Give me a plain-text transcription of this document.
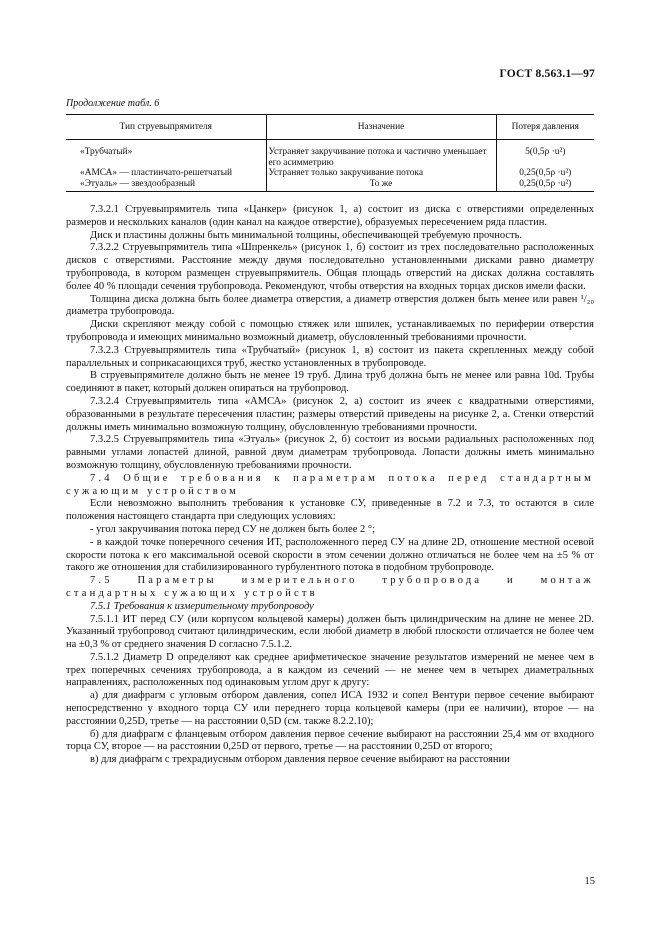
ГОСТ 8.563.1—97
Продолжение табл. 6
Тип струевыпрямителя	Назначение	Потеря давления
«Трубчатый»	Устраняет закручивание потока и частично уменьшает его асимметрию	5(0,5ρ ·u²)
«АМСА» — пластинчато-решетчатый	Устраняет только закручивание потока	0,25(0,5ρ ·u²)
«Этуаль» — звездообразный	То же	0,25(0,5ρ ·u²)

7.3.2.1 Струевыпрямитель типа «Цанкер» (рисунок 1, а) состоит из диска с отверстиями определенных размеров и нескольких каналов (один канал на каждое отверстие), образуемых пересечением ряда пластин.

Диск и пластины должны быть минимальной толщины, обеспечивающей требуемую прочность.

7.3.2.2 Струевыпрямитель типа «Шпренкель» (рисунок 1, б) состоит из трех последовательно расположенных дисков с отверстиями. Расстояние между двумя последовательно установленными дисками равно диаметру трубопровода, в котором размещен струевыпрямитель. Общая площадь отверстий на дисках должна составлять более 40 % площади сечения трубопровода. Рекомендуют, чтобы отверстия на входных торцах дисков имели фаски.

Толщина диска должна быть более диаметра отверстия, а диаметр отверстия должен быть менее или равен ¹/₂₀ диаметра трубопровода.

Диски скрепляют между собой с помощью стяжек или шпилек, устанавливаемых по периферии отверстия трубопровода и имеющих минимально возможный диаметр, обусловленный требованиями прочности.

7.3.2.3 Струевыпрямитель типа «Трубчатый» (рисунок 1, в) состоит из пакета скрепленных между собой параллельных и соприкасающихся труб, жестко установленных в трубопроводе.

В струевыпрямителе должно быть не менее 19 труб. Длина труб должна быть не менее или равна 10d. Трубы соединяют в пакет, который должен опираться на трубопровод.

7.3.2.4 Струевыпрямитель типа «АМСА» (рисунок 2, а) состоит из ячеек с квадратными отверстиями, образованными в результате пересечения пластин; размеры отверстий приведены на рисунке 2, а. Стенки отверстий должны иметь минимально возможную толщину, обусловленную требованиями прочности.

7.3.2.5 Струевыпрямитель типа «Этуаль» (рисунок 2, б) состоит из восьми радиальных расположенных под равными углами лопастей длиной, равной двум диаметрам трубопровода. Лопасти должны иметь минимально возможную толщину, обусловленную требованиями прочности.

7.4 Общие требования к параметрам потока перед стандартным сужающим устройством

Если невозможно выполнить требования к установке СУ, приведенные в 7.2 и 7.3, то остаются в силе положения настоящего стандарта при следующих условиях:

- угол закручивания потока перед СУ не должен быть более 2 °;

- в каждой точке поперечного сечения ИТ, расположенного перед СУ на длине 2D, отношение местной осевой скорости потока к его максимальной осевой скорости в этом сечении должно отличаться не более чем на ±5 % от такого же отношения для стабилизированного турбулентного потока в подобном трубопроводе.

7.5 Параметры измерительного трубопровода и монтаж стандартных сужающих устройств

7.5.1 Требования к измерительному трубопроводу

7.5.1.1 ИТ перед СУ (или корпусом кольцевой камеры) должен быть цилиндрическим на длине не менее 2D. Указанный трубопровод считают цилиндрическим, если любой диаметр в любой плоскости отличается не более чем на ±0,3 % от среднего значения D согласно 7.5.1.2.

7.5.1.2 Диаметр D определяют как среднее арифметическое значение результатов измерений не менее чем в трех поперечных сечениях трубопровода, а в каждом из сечений — не менее чем в четырех диаметральных направлениях, расположенных под одинаковым углом друг к другу:

а) для диафрагм с угловым отбором давления, сопел ИСА 1932 и сопел Вентури первое сечение выбирают непосредственно у входного торца СУ или переднего торца кольцевой камеры (при ее наличии), второе — на расстоянии 0,25D, третье — на расстоянии 0,5D (см. также 8.2.2.10);

б) для диафрагм с фланцевым отбором давления первое сечение выбирают на расстоянии 25,4 мм от входного торца СУ, второе — на расстоянии 0,25D от первого, третье — на расстоянии 0,25D от второго;

в) для диафрагм с трехрадиусным отбором давления первое сечение выбирают на расстоянии

15
